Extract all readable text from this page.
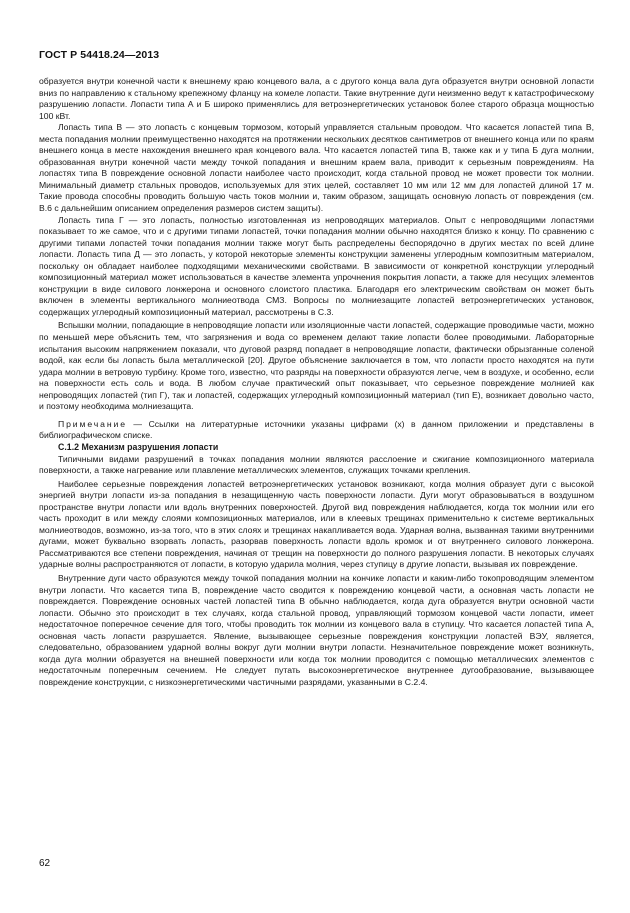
ГОСТ Р 54418.24—2013

образуется внутри конечной части к внешнему краю концевого вала, а с другого конца вала дуга образуется внутри основной лопасти вниз по направлению к стальному крепежному фланцу на комеле лопасти. Такие внутренние дуги неизменно ведут к катастрофическому разрушению лопасти. Лопасти типа А и Б широко применялись для ветроэнергетических установок более старого образца мощностью 100 кВт.

Лопасть типа В — это лопасть с концевым тормозом, который управляется стальным проводом. Что касается лопастей типа В, места попадания молнии преимущественно находятся на протяжении нескольких десятков сантиметров от внешнего конца или по краям внешнего конца в месте нахождения внешнего края концевого вала. Что касается лопастей типа В, также как и у типа Б дуга молнии, образованная внутри конечной части между точкой попадания и внешним краем вала, приводит к серьезным повреждениям. На лопастях типа В повреждение основной лопасти наиболее часто происходит, когда стальной провод не может провести ток молнии. Минимальный диаметр стальных проводов, используемых для этих целей, составляет 10 мм или 12 мм для лопастей длиной 17 м. Такие провода способны проводить большую часть токов молнии и, таким образом, защищать основную лопасть от повреждения (см. В.6 с дальнейшим описанием определения размеров систем защиты).

Лопасть типа Г — это лопасть, полностью изготовленная из непроводящих материалов. Опыт с непроводящими лопастями показывает то же самое, что и с другими типами лопастей, точки попадания молнии обычно находятся близко к концу. По сравнению с другими типами лопастей точки попадания молнии также могут быть распределены беспорядочно в других местах по всей длине лопасти. Лопасть типа Д — это лопасть, у которой некоторые элементы конструкции заменены углеродным композитным материалом, поскольку он обладает наиболее подходящими механическими свойствами. В зависимости от конкретной конструкции углеродный композиционный материал может использоваться в качестве элемента упрочнения покрытия лопасти, а также для несущих элементов конструкции в виде силового лонжерона и основного слоистого пластика. Благодаря его электрическим свойствам он может быть включен в элементы вертикального молниеотвода СМЗ. Вопросы по молниезащите лопастей ветроэнергетических установок, содержащих углеродный композиционный материал, рассмотрены в С.3.

Вспышки молнии, попадающие в непроводящие лопасти или изоляционные части лопастей, содержащие проводимые части, можно по меньшей мере объяснить тем, что загрязнения и вода со временем делают такие лопасти более проводимыми. Лабораторные испытания высоким напряжением показали, что дуговой разряд попадает в непроводящие лопасти, фактически обрызганные соленой водой, как если бы лопасть была металлической [20]. Другое объяснение заключается в том, что лопасти просто находятся на пути удара молнии в ветровую турбину. Кроме того, известно, что разряды на поверхности образуются легче, чем в воздухе, и особенно, если на поверхности есть соль и вода. В любом случае практический опыт показывает, что серьезное повреждение молнией как непроводящих лопастей (тип Г), так и лопастей, содержащих углеродный композиционный материал (тип Е), возникает довольно часто, и поэтому необходима молниезащита.

Примечание — Ссылки на литературные источники указаны цифрами (x) в данном приложении и представлены в библиографическом списке.

С.1.2 Механизм разрушения лопасти

Типичными видами разрушений в точках попадания молнии являются расслоение и сжигание композиционного материала поверхности, а также нагревание или плавление металлических элементов, служащих точками крепления.

Наиболее серьезные повреждения лопастей ветроэнергетических установок возникают, когда молния образует дуги с высокой энергией внутри лопасти из-за попадания в незащищенную часть поверхности лопасти. Дуги могут образовываться в воздушном пространстве внутри лопасти или вдоль внутренних поверхностей. Другой вид повреждения наблюдается, когда ток молнии или его часть проходит в или между слоями композиционных материалов, или в клеевых трещинах применительно к системе вертикальных молниеотводов, возможно, из-за того, что в этих слоях и трещинах накапливается вода. Ударная волна, вызванная такими внутренними дугами, может буквально взорвать лопасть, разорвав поверхность лопасти вдоль кромок и от внутреннего силового лонжерона. Рассматриваются все степени повреждения, начиная от трещин на поверхности до полного разрушения лопасти. В некоторых случаях ударные волны распространяются от лопасти, в которую ударила молния, через ступицу в другие лопасти, вызывая их повреждение.

Внутренние дуги часто образуются между точкой попадания молнии на кончике лопасти и каким-либо токопроводящим элементом внутри лопасти. Что касается типа В, повреждение часто сводится к повреждению концевой части, а основная часть лопасти не повреждается. Повреждение основных частей лопастей типа В обычно наблюдается, когда дуга образуется внутри основной части лопасти. Обычно это происходит в тех случаях, когда стальной провод, управляющий тормозом концевой части лопасти, имеет недостаточное поперечное сечение для того, чтобы проводить ток молнии из концевого вала в ступицу. Что касается лопастей типа А, основная часть лопасти разрушается. Явление, вызывающее серьезные повреждения конструкции лопастей ВЭУ, является, следовательно, образованием ударной волны вокруг дуги молнии внутри лопасти. Незначительное повреждение может возникнуть, когда дуга молнии образуется на внешней поверхности или когда ток молнии проводится с помощью металлических элементов с недостаточным поперечным сечением. Не следует путать высокоэнергетическое внутреннее дугообразование, вызывающее повреждение конструкции, с низкоэнергетическими частичными разрядами, указанными в С.2.4.

62
